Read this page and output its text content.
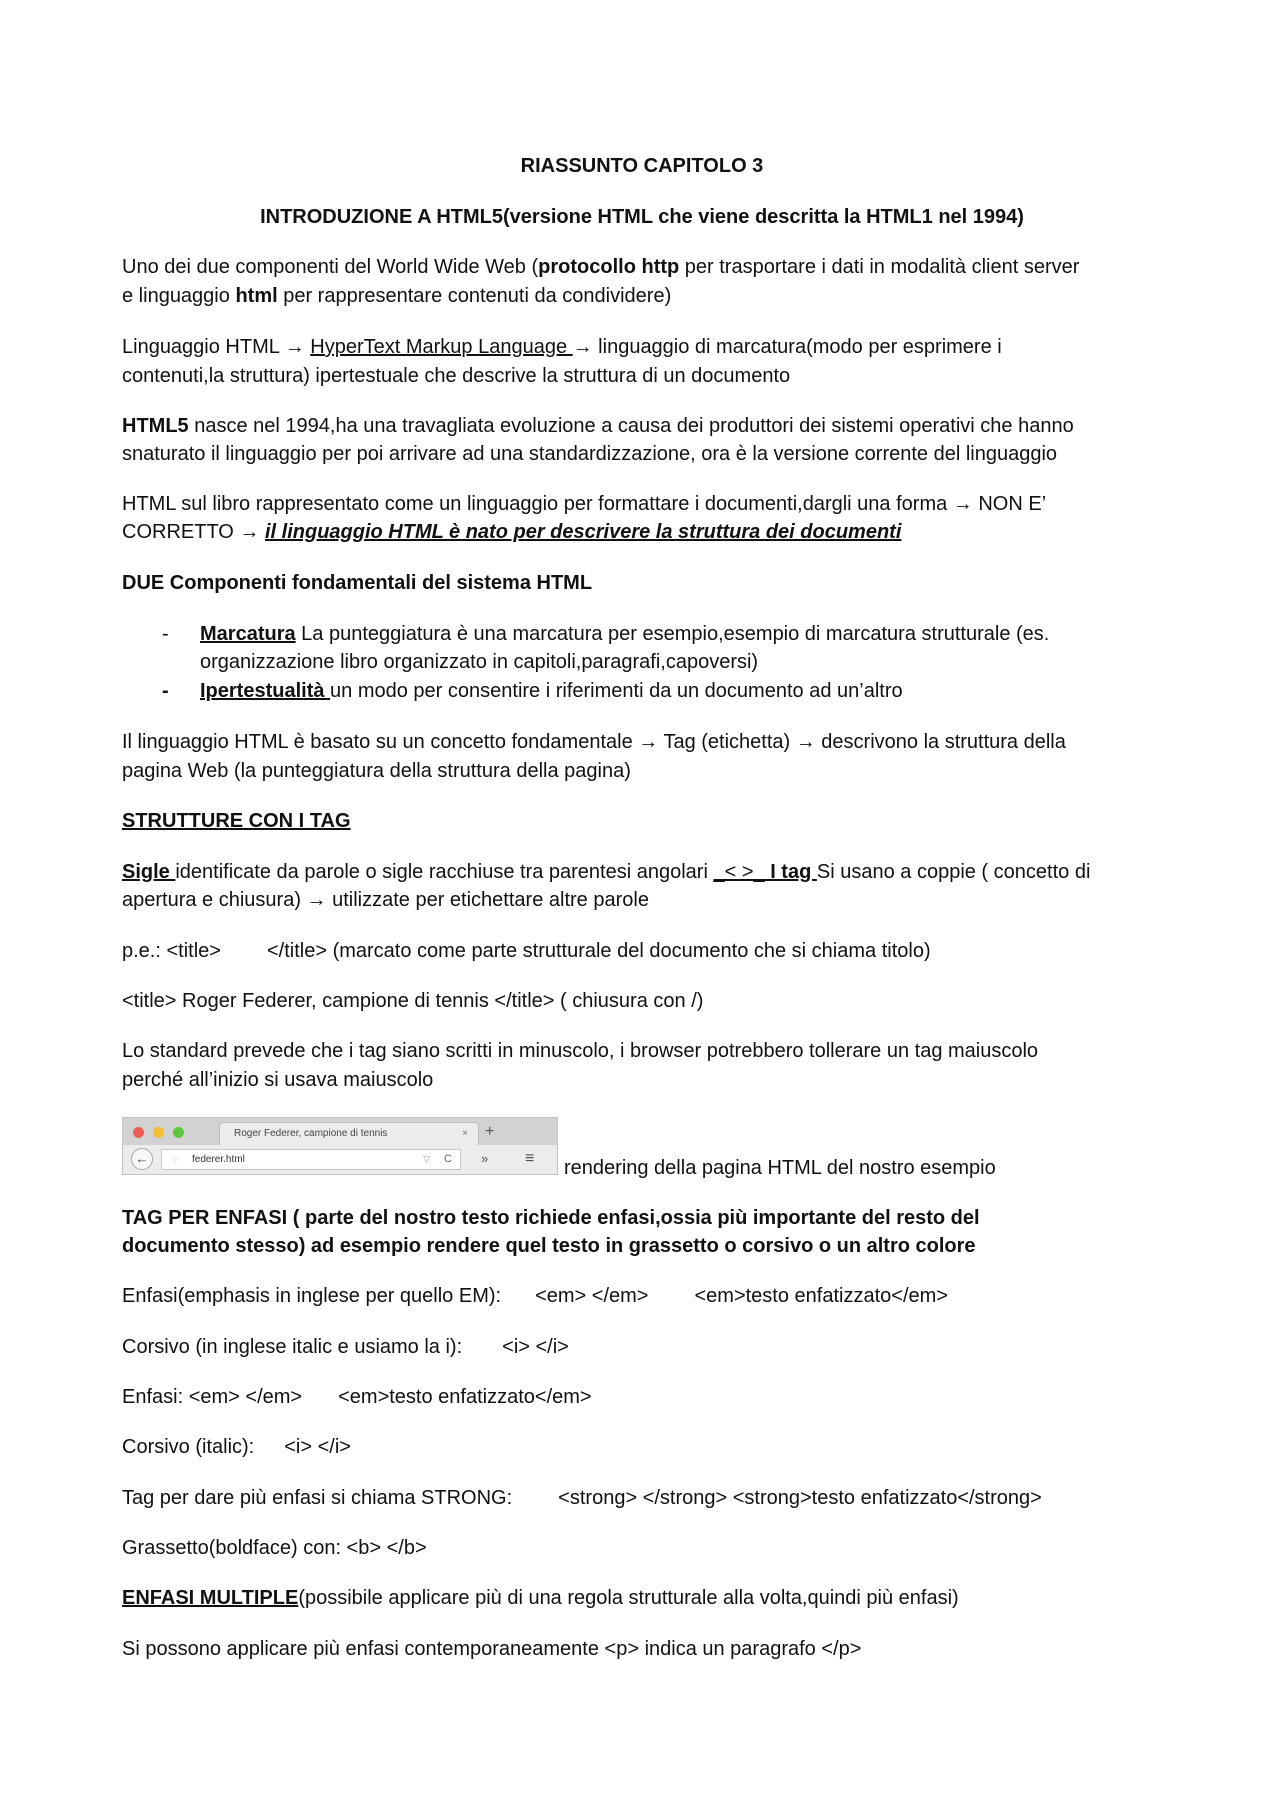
RIASSUNTO CAPITOLO 3
INTRODUZIONE A HTML5(versione HTML che viene descritta la HTML1 nel 1994)
Uno dei due componenti del World Wide Web (protocollo http per trasportare i dati in modalità client server
e linguaggio html per rappresentare contenuti da condividere)
Linguaggio HTML → HyperText Markup Language → linguaggio di marcatura(modo per esprimere i
contenuti,la struttura) ipertestuale che descrive la struttura di un documento
HTML5 nasce nel 1994,ha una travagliata evoluzione a causa dei produttori dei sistemi operativi che hanno
snaturato il linguaggio per poi arrivare ad una standardizzazione, ora è la versione corrente del linguaggio
HTML sul libro rappresentato come un linguaggio per formattare i documenti,dargli una forma → NON E’
CORRETTO → il linguaggio HTML è nato per descrivere la struttura dei documenti
DUE Componenti fondamentali del sistema HTML
- Marcatura La punteggiatura è una marcatura per esempio,esempio di marcatura strutturale (es.
organizzazione libro organizzato in capitoli,paragrafi,capoversi)
- Ipertestualità un modo per consentire i riferimenti da un documento ad un’altro
Il linguaggio HTML è basato su un concetto fondamentale → Tag (etichetta) → descrivono la struttura della
pagina Web (la punteggiatura della struttura della pagina)
STRUTTURE CON I TAG
Sigle identificate da parole o sigle racchiuse tra parentesi angolari _< >_ I tag Si usano a coppie ( concetto di
apertura e chiusura) → utilizzate per etichettare altre parole
p.e.: <title> </title> (marcato come parte strutturale del documento che si chiama titolo)
<title> Roger Federer, campione di tennis </title> ( chiusura con /)
Lo standard prevede che i tag siano scritti in minuscolo, i browser potrebbero tollerare un tag maiuscolo
perché all’inizio si usava maiuscolo
Roger Federer, campione di tennis	× +
←	◌ federer.html	▽ C » ≡ rendering della pagina HTML del nostro esempio
TAG PER ENFASI ( parte del nostro testo richiede enfasi,ossia più importante del resto del
documento stesso) ad esempio rendere quel testo in grassetto o corsivo o un altro colore
Enfasi(emphasis in inglese per quello EM): <em> </em> <em>testo enfatizzato</em>
Corsivo (in inglese italic e usiamo la i): <i> </i>
Enfasi: <em> </em> <em>testo enfatizzato</em>
Corsivo (italic): <i> </i>
Tag per dare più enfasi si chiama STRONG: <strong> </strong> <strong>testo enfatizzato</strong>
Grassetto(boldface) con: <b> </b>
ENFASI MULTIPLE(possibile applicare più di una regola strutturale alla volta,quindi più enfasi)
Si possono applicare più enfasi contemporaneamente <p> indica un paragrafo </p>
